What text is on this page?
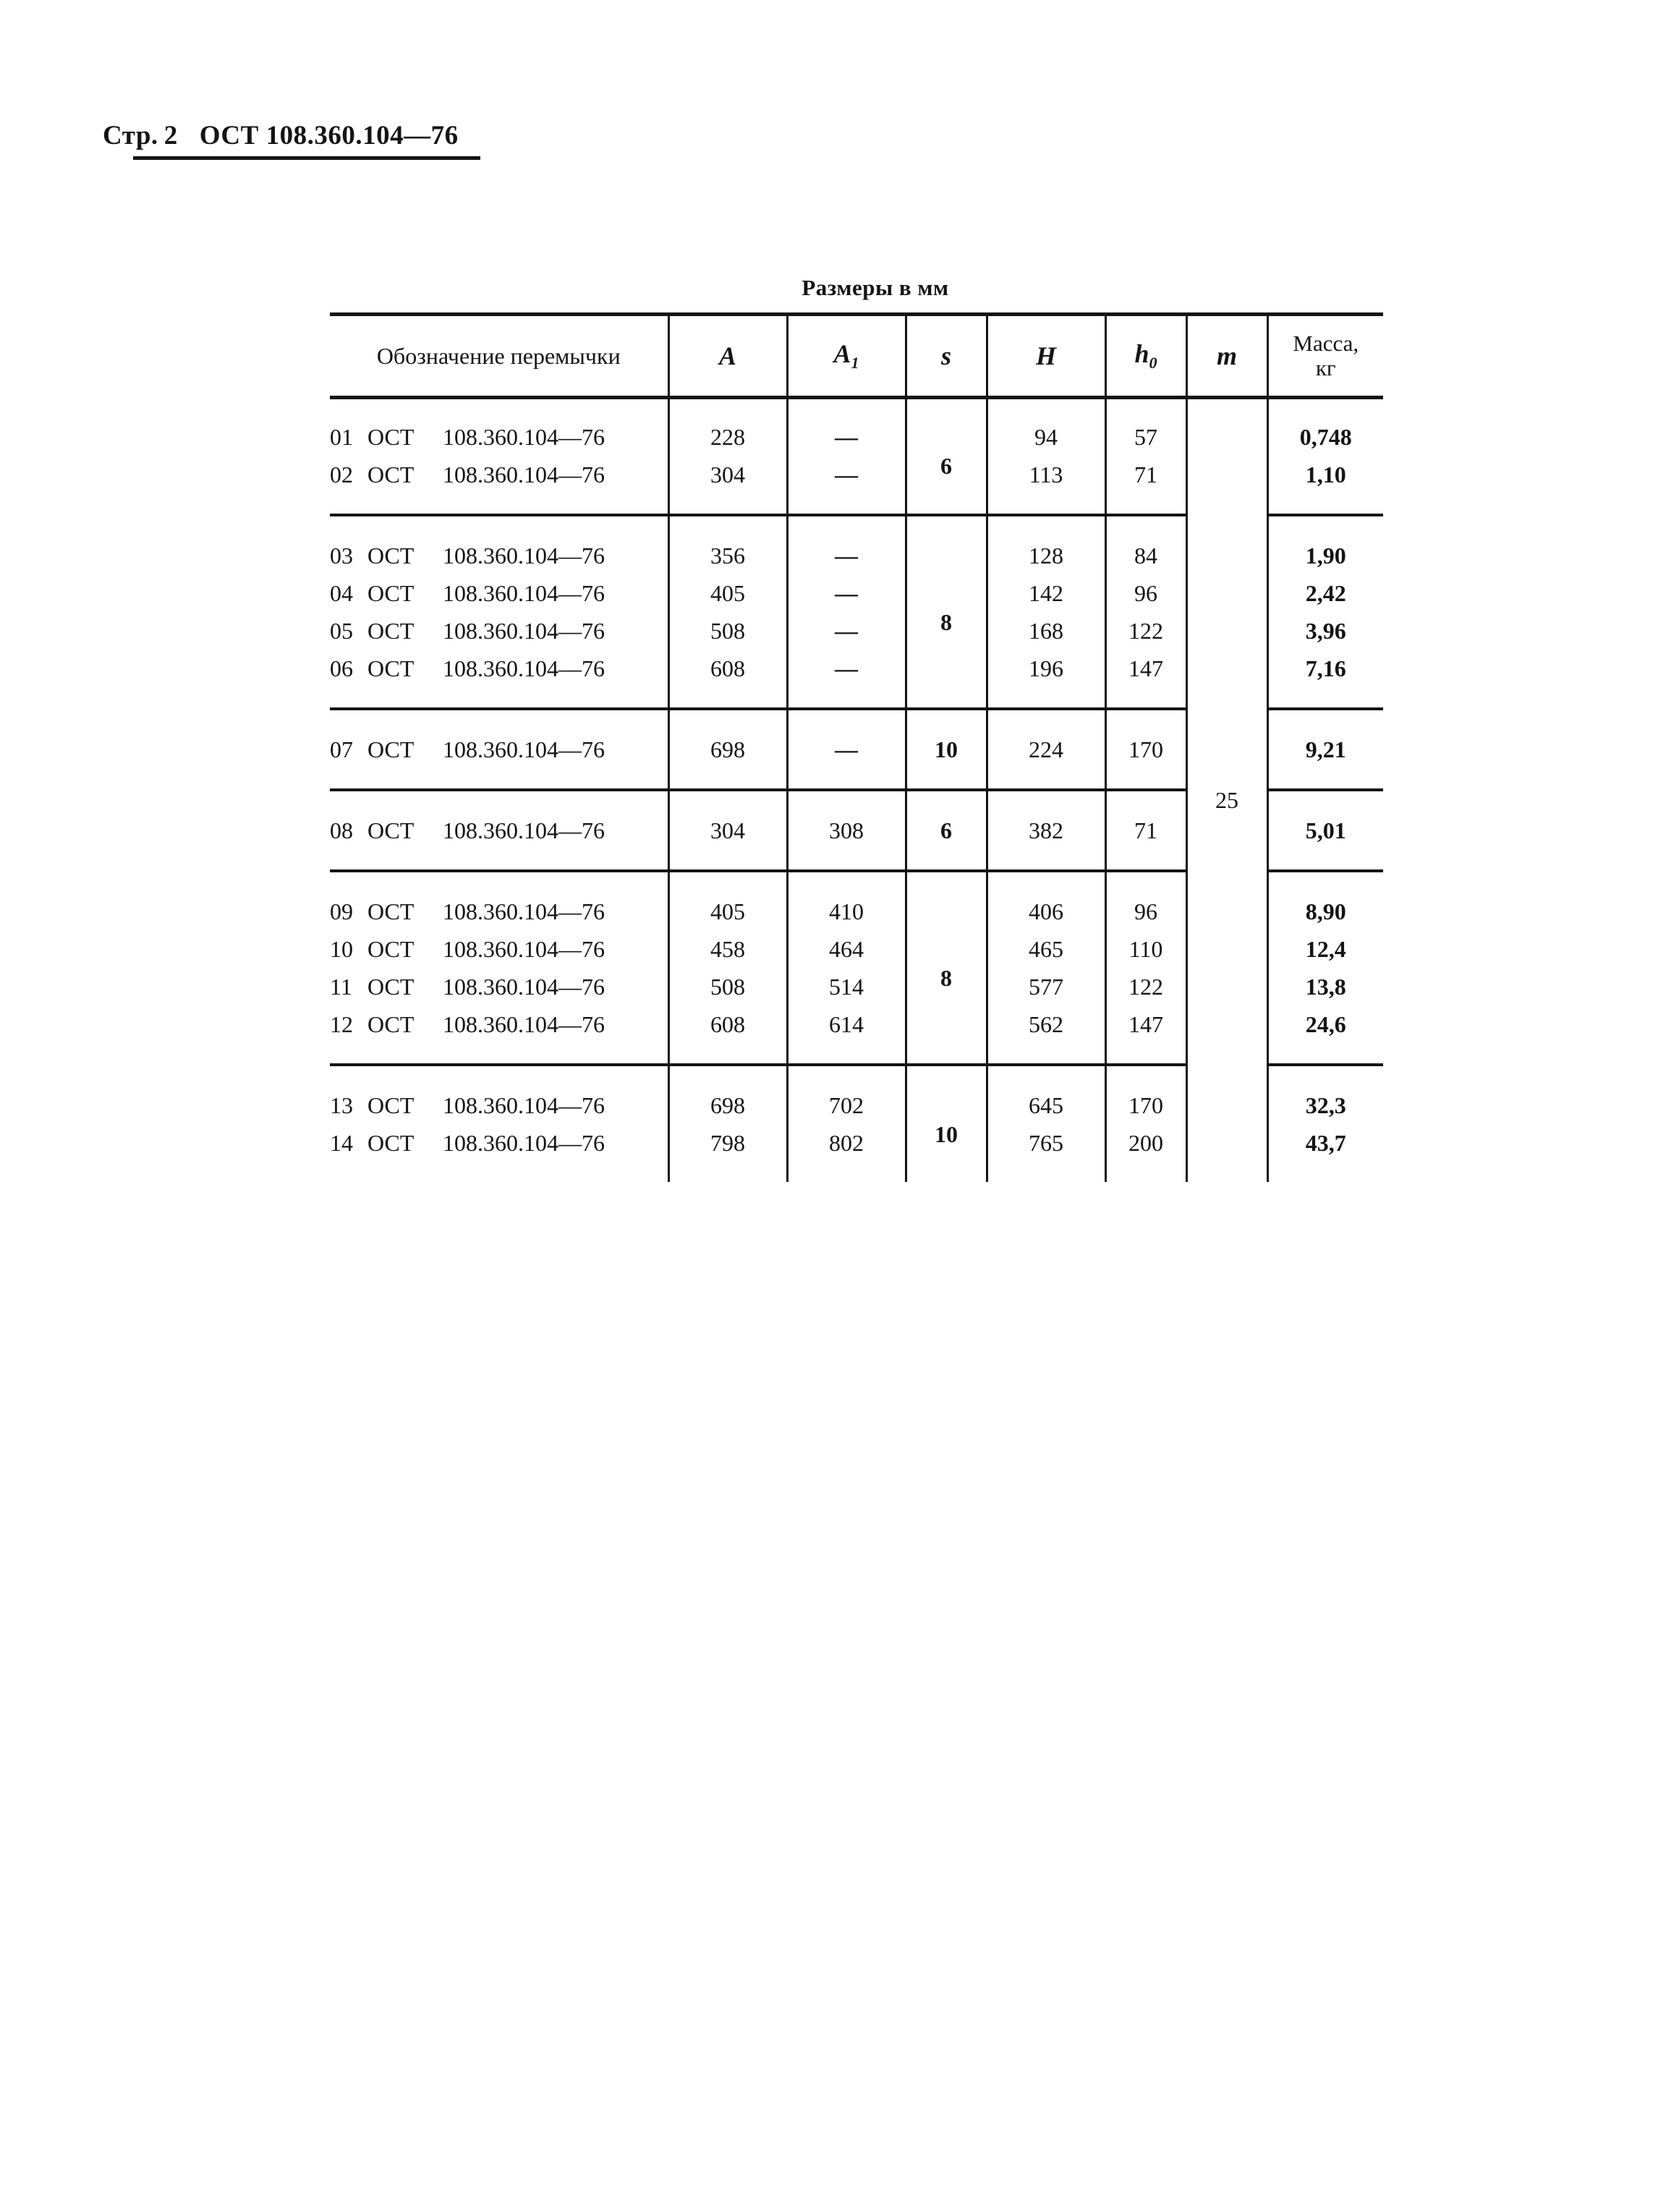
Стр. 2 ОСТ 108.360.104—76
Размеры в мм
Обозначение перемычки	A	$A_1$	s	H	$h_0$	m	Масса,
кг
01 ОСТ 108.360.104—76	228	—	6	94	57	25	0,748
02 ОСТ 108.360.104—76	304	—		113	71		1,10
03 ОСТ 108.360.104—76	356	—	8	128	84		1,90
04 ОСТ 108.360.104—76	405	—		142	96		2,42
05 ОСТ 108.360.104—76	508	—		168	122		3,96
06 ОСТ 108.360.104—76	608	—		196	147		7,16
07 ОСТ 108.360.104—76	698	—	10	224	170		9,21
08 ОСТ 108.360.104—76	304	308	6	382	71		5,01
09 ОСТ 108.360.104—76	405	410	8	406	96		8,90
10 ОСТ 108.360.104—76	458	464		465	110		12,4
11 ОСТ 108.360.104—76	508	514		577	122		13,8
12 ОСТ 108.360.104—76	608	614		562	147		24,6
13 ОСТ 108.360.104—76	698	702	10	645	170		32,3
14 ОСТ 108.360.104—76	798	802		765	200		43,7
